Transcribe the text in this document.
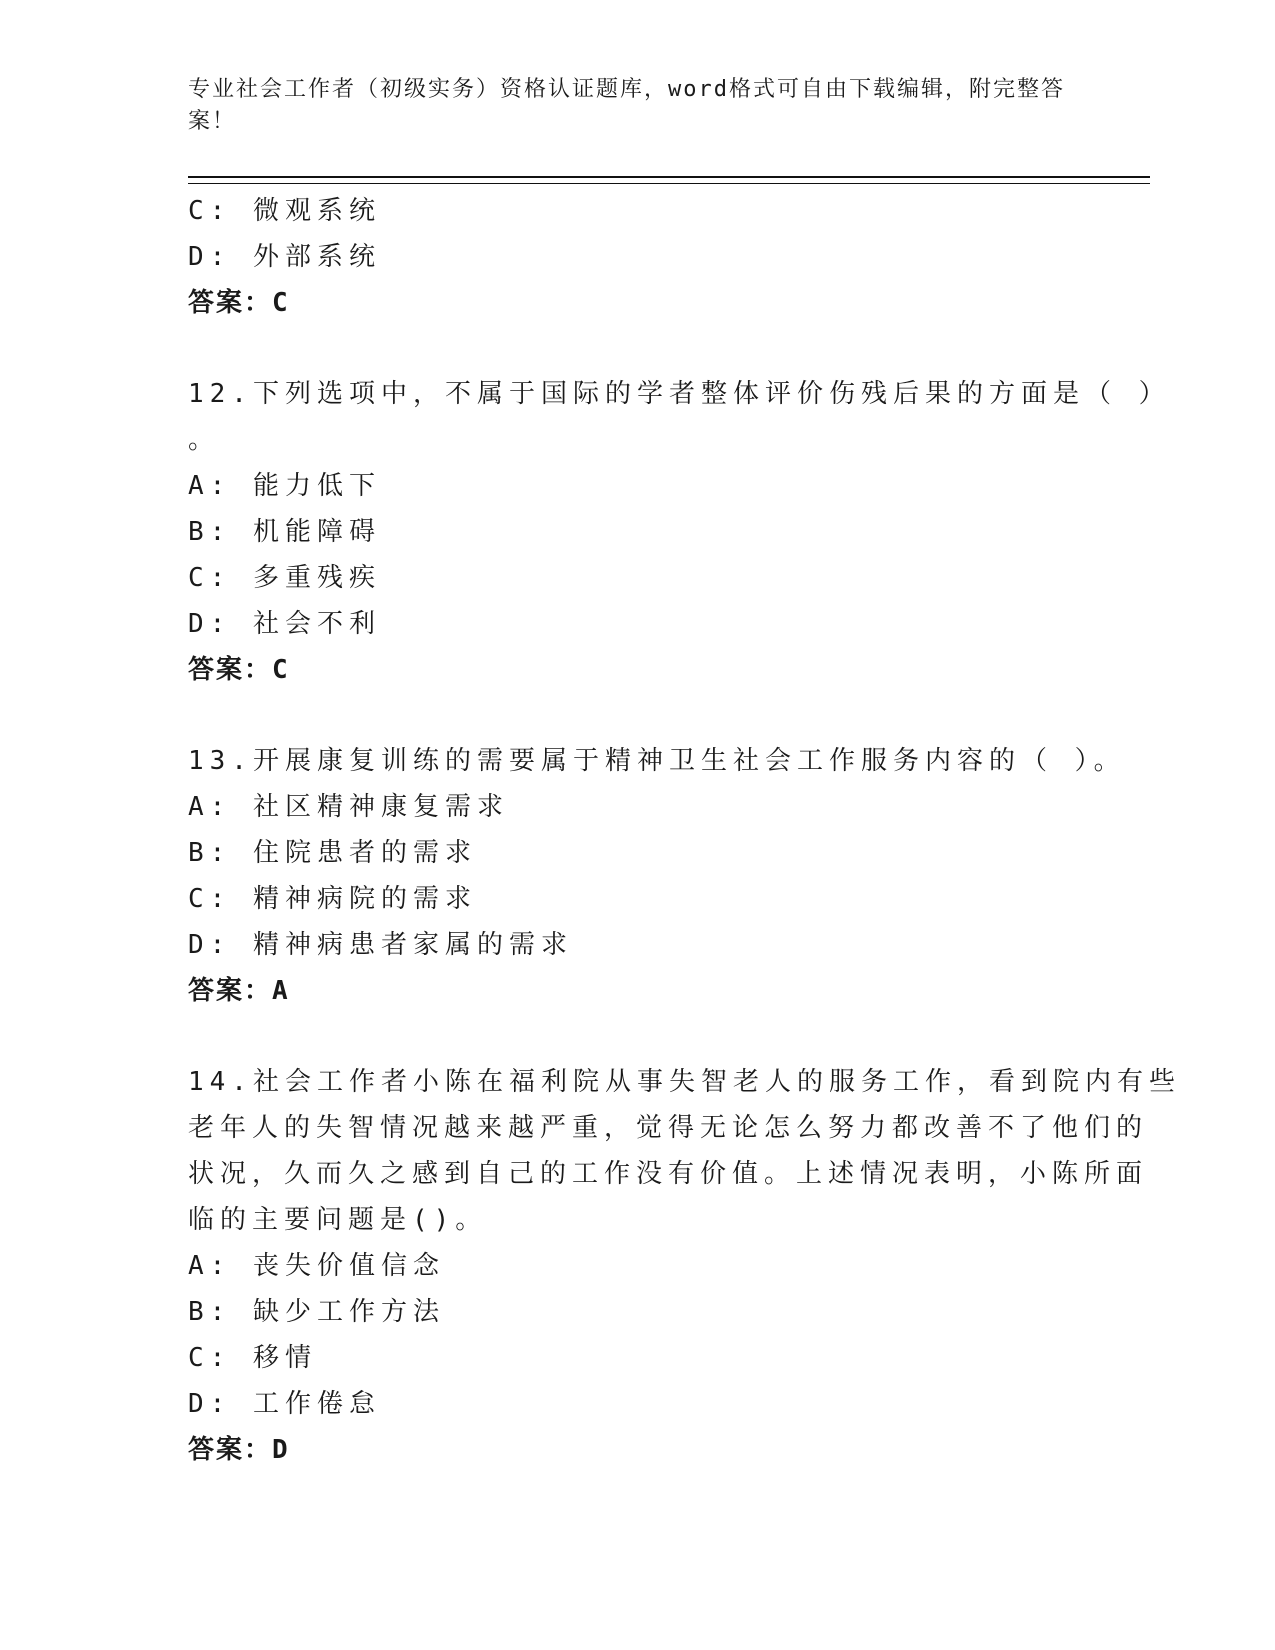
专业社会工作者（初级实务）资格认证题库，word格式可自由下载编辑，附完整答案！
C: 微观系统
D: 外部系统
答案：C
12.下列选项中，不属于国际的学者整体评价伤残后果的方面是（ ）
。
A: 能力低下
B: 机能障碍
C: 多重残疾
D: 社会不利
答案：C
13.开展康复训练的需要属于精神卫生社会工作服务内容的（ ）。
A: 社区精神康复需求
B: 住院患者的需求
C: 精神病院的需求
D: 精神病患者家属的需求
答案：A
14.社会工作者小陈在福利院从事失智老人的服务工作，看到院内有些
老年人的失智情况越来越严重，觉得无论怎么努力都改善不了他们的
状况，久而久之感到自己的工作没有价值。上述情况表明，小陈所面
临的主要问题是()。
A: 丧失价值信念
B: 缺少工作方法
C: 移情
D: 工作倦怠
答案：D
